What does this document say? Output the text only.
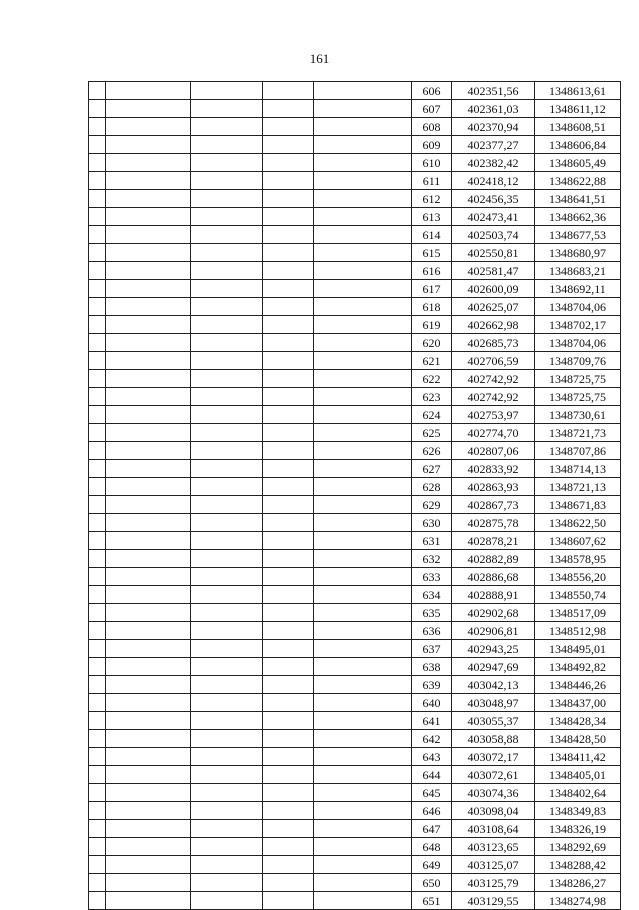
161
					606	402351,56	1348613,61
					607	402361,03	1348611,12
					608	402370,94	1348608,51
					609	402377,27	1348606,84
					610	402382,42	1348605,49
					611	402418,12	1348622,88
					612	402456,35	1348641,51
					613	402473,41	1348662,36
					614	402503,74	1348677,53
					615	402550,81	1348680,97
					616	402581,47	1348683,21
					617	402600,09	1348692,11
					618	402625,07	1348704,06
					619	402662,98	1348702,17
					620	402685,73	1348704,06
					621	402706,59	1348709,76
					622	402742,92	1348725,75
					623	402742,92	1348725,75
					624	402753,97	1348730,61
					625	402774,70	1348721,73
					626	402807,06	1348707,86
					627	402833,92	1348714,13
					628	402863,93	1348721,13
					629	402867,73	1348671,83
					630	402875,78	1348622,50
					631	402878,21	1348607,62
					632	402882,89	1348578,95
					633	402886,68	1348556,20
					634	402888,91	1348550,74
					635	402902,68	1348517,09
					636	402906,81	1348512,98
					637	402943,25	1348495,01
					638	402947,69	1348492,82
					639	403042,13	1348446,26
					640	403048,97	1348437,00
					641	403055,37	1348428,34
					642	403058,88	1348428,50
					643	403072,17	1348411,42
					644	403072,61	1348405,01
					645	403074,36	1348402,64
					646	403098,04	1348349,83
					647	403108,64	1348326,19
					648	403123,65	1348292,69
					649	403125,07	1348288,42
					650	403125,79	1348286,27
					651	403129,55	1348274,98
